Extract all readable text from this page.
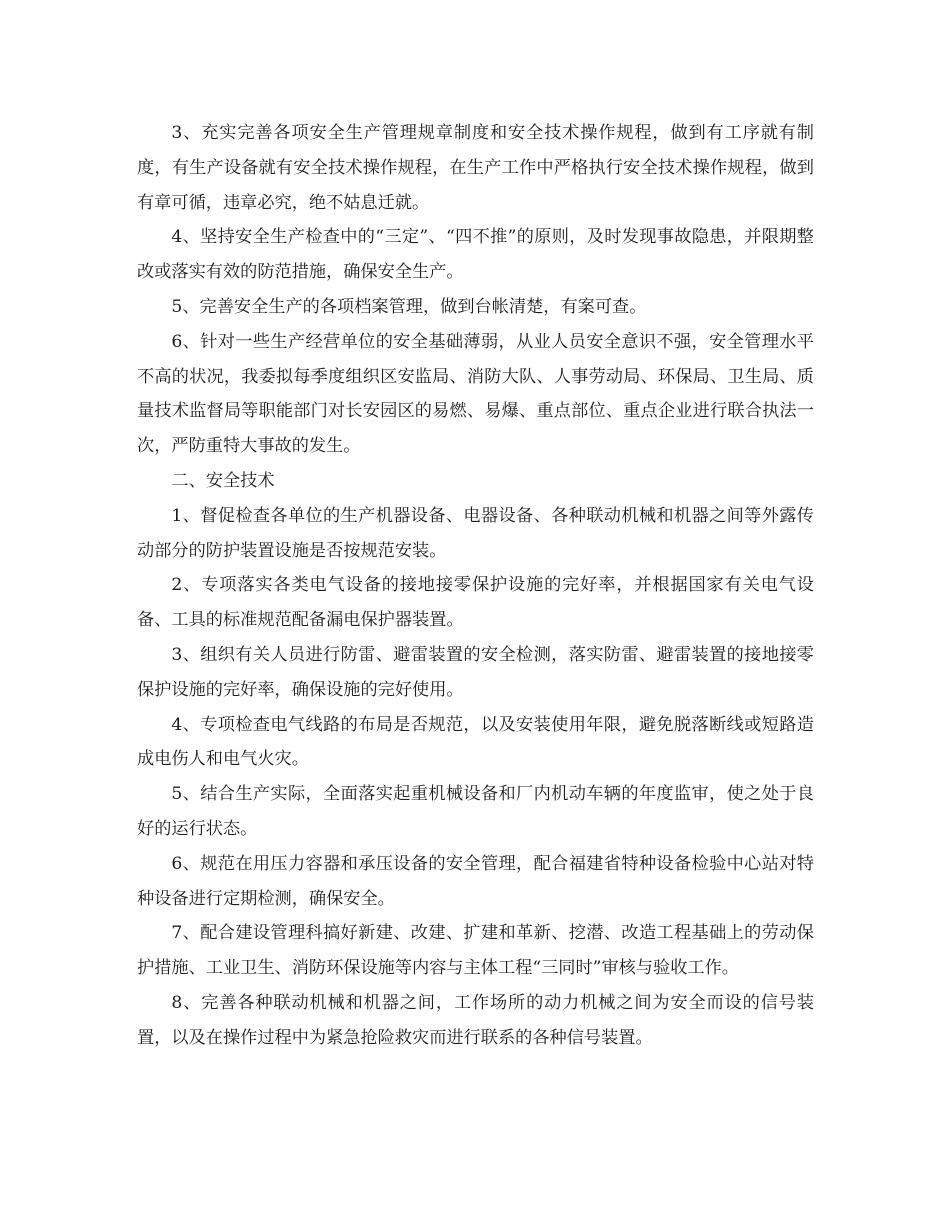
3、充实完善各项安全生产管理规章制度和安全技术操作规程，做到有工序就有制度，有生产设备就有安全技术操作规程，在生产工作中严格执行安全技术操作规程，做到有章可循，违章必究，绝不姑息迁就。

4、坚持安全生产检查中的“三定”、“四不推”的原则，及时发现事故隐患，并限期整改或落实有效的防范措施，确保安全生产。

5、完善安全生产的各项档案管理，做到台帐清楚，有案可查。

6、针对一些生产经营单位的安全基础薄弱，从业人员安全意识不强，安全管理水平不高的状况，我委拟每季度组织区安监局、消防大队、人事劳动局、环保局、卫生局、质量技术监督局等职能部门对长安园区的易燃、易爆、重点部位、重点企业进行联合执法一次，严防重特大事故的发生。

二、安全技术

1、督促检查各单位的生产机器设备、电器设备、各种联动机械和机器之间等外露传动部分的防护装置设施是否按规范安装。

2、专项落实各类电气设备的接地接零保护设施的完好率，并根据国家有关电气设备、工具的标准规范配备漏电保护器装置。

3、组织有关人员进行防雷、避雷装置的安全检测，落实防雷、避雷装置的接地接零保护设施的完好率，确保设施的完好使用。

4、专项检查电气线路的布局是否规范，以及安装使用年限，避免脱落断线或短路造成电伤人和电气火灾。

5、结合生产实际，全面落实起重机械设备和厂内机动车辆的年度监审，使之处于良好的运行状态。

6、规范在用压力容器和承压设备的安全管理，配合福建省特种设备检验中心站对特种设备进行定期检测，确保安全。

7、配合建设管理科搞好新建、改建、扩建和革新、挖潜、改造工程基础上的劳动保护措施、工业卫生、消防环保设施等内容与主体工程“三同时”审核与验收工作。

8、完善各种联动机械和机器之间，工作场所的动力机械之间为安全而设的信号装置，以及在操作过程中为紧急抢险救灾而进行联系的各种信号装置。
